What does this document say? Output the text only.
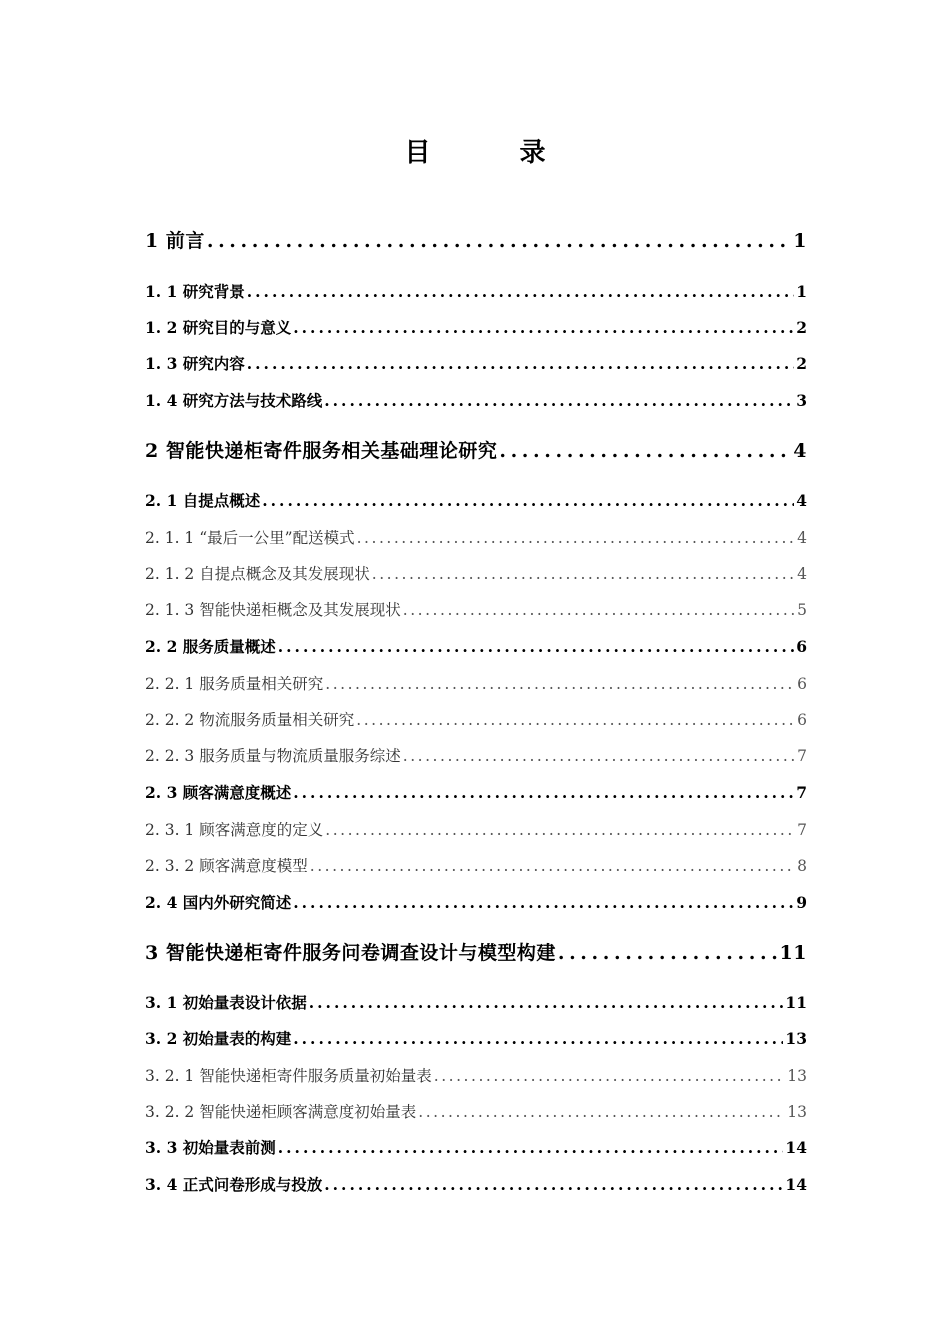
目 录
1 前言 . . .	1
1. 1 研究背景 . . .	1
1. 2 研究目的与意义 . . .	2
1. 3 研究内容 . . .	2
1. 4 研究方法与技术路线 . . .	3
2 智能快递柜寄件服务相关基础理论研究 . . .	4
2. 1 自提点概述 . . .	4
2. 1. 1 “最后一公里”配送模式 . . .	4
2. 1. 2 自提点概念及其发展现状 . . .	4
2. 1. 3 智能快递柜概念及其发展现状 . . .	5
2. 2 服务质量概述 . . .	6
2. 2. 1 服务质量相关研究 . . .	6
2. 2. 2 物流服务质量相关研究 . . .	6
2. 2. 3 服务质量与物流质量服务综述 . . .	7
2. 3 顾客满意度概述 . . .	7
2. 3. 1 顾客满意度的定义 . . .	7
2. 3. 2 顾客满意度模型 . . .	8
2. 4 国内外研究简述 . . .	9
3 智能快递柜寄件服务问卷调查设计与模型构建 . . .	11
3. 1 初始量表设计依据 . . .	11
3. 2 初始量表的构建 . . .	13
3. 2. 1 智能快递柜寄件服务质量初始量表 . . .	13
3. 2. 2 智能快递柜顾客满意度初始量表 . . .	13
3. 3 初始量表前测 . . .	14
3. 4 正式问卷形成与投放 . . .	14
